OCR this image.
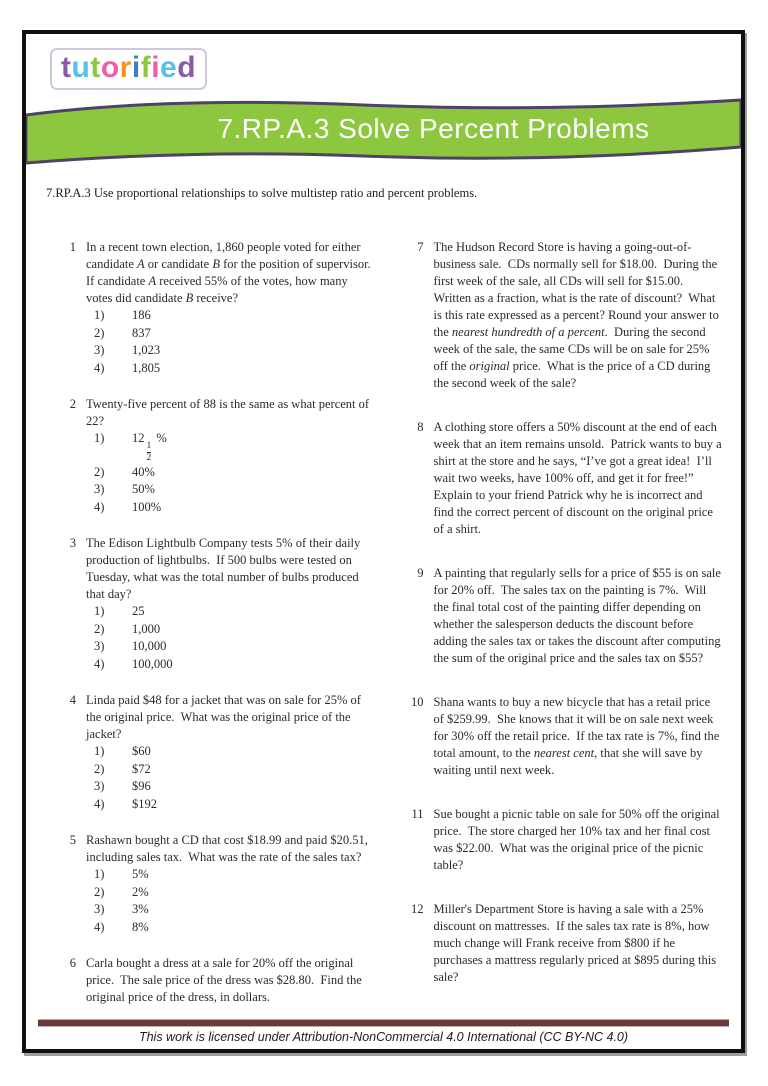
tutorified
7.RP.A.3 Solve Percent Problems
7.RP.A.3 Use proportional relationships to solve multistep ratio and percent problems.
1 In a recent town election, 1,860 people voted for either candidate A or candidate B for the position of supervisor.  If candidate A received 55% of the votes, how many votes did candidate B receive?
1)	186
2)	837
3)	1,023
4)	1,805
2 Twenty-five percent of 88 is the same as what percent of 22?
1)	12
$\frac{1}{2}$
%
2)	40%
3)	50%
4)	100%
3 The Edison Lightbulb Company tests 5% of their daily production of lightbulbs.  If 500 bulbs were tested on Tuesday, what was the total number of bulbs produced that day?
1)	25
2)	1,000
3)	10,000
4)	100,000
4 Linda paid $48 for a jacket that was on sale for 25% of the original price.  What was the original price of the jacket?
1)	$60
2)	$72
3)	$96
4)	$192
5 Rashawn bought a CD that cost $18.99 and paid $20.51, including sales tax.  What was the rate of the sales tax?
1)	5%
2)	2%
3)	3%
4)	8%
6 Carla bought a dress at a sale for 20% off the original price.  The sale price of the dress was $28.80.  Find the original price of the dress, in dollars.
7 The Hudson Record Store is having a going-out-of-business sale.  CDs normally sell for $18.00.  During the first week of the sale, all CDs will sell for $15.00.  Written as a fraction, what is the rate of discount?  What is this rate expressed as a percent? Round your answer to the nearest hundredth of a percent.  During the second week of the sale, the same CDs will be on sale for 25% off the original price.  What is the price of a CD during the second week of the sale?
8 A clothing store offers a 50% discount at the end of each week that an item remains unsold.  Patrick wants to buy a shirt at the store and he says, “I’ve got a great idea!  I’ll wait two weeks, have 100% off, and get it for free!”  Explain to your friend Patrick why he is incorrect and find the correct percent of discount on the original price of a shirt.
9 A painting that regularly sells for a price of $55 is on sale for 20% off.  The sales tax on the painting is 7%.  Will the final total cost of the painting differ depending on whether the salesperson deducts the discount before adding the sales tax or takes the discount after computing the sum of the original price and the sales tax on $55?
10 Shana wants to buy a new bicycle that has a retail price of $259.99.  She knows that it will be on sale next week for 30% off the retail price.  If the tax rate is 7%, find the total amount, to the nearest cent, that she will save by waiting until next week.
11 Sue bought a picnic table on sale for 50% off the original price.  The store charged her 10% tax and her final cost was $22.00.  What was the original price of the picnic table?
12 Miller's Department Store is having a sale with a 25% discount on mattresses.  If the sales tax rate is 8%, how much change will Frank receive from $800 if he purchases a mattress regularly priced at $895 during this sale?
This work is licensed under Attribution-NonCommercial 4.0 International (CC BY-NC 4.0)
